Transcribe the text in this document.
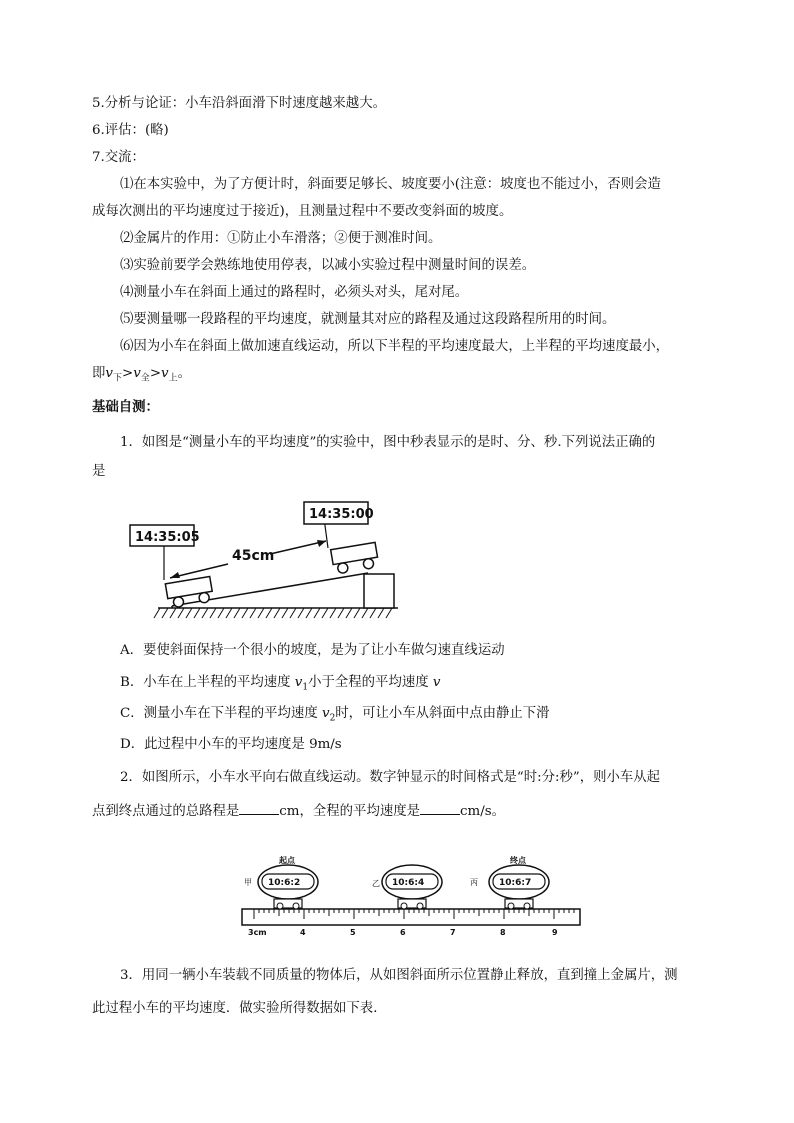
5.分析与论证：小车沿斜面滑下时速度越来越大。
6.评估：(略)
7.交流：
⑴在本实验中，为了方便计时，斜面要足够长、坡度要小(注意：坡度也不能过小，否则会造
成每次测出的平均速度过于接近)，且测量过程中不要改变斜面的坡度。
⑵金属片的作用：①防止小车滑落；②便于测准时间。
⑶实验前要学会熟练地使用停表，以减小实验过程中测量时间的误差。
⑷测量小车在斜面上通过的路程时，必须头对头，尾对尾。
⑸要测量哪一段路程的平均速度，就测量其对应的路程及通过这段路程所用的时间。
⑹因为小车在斜面上做加速直线运动，所以下半程的平均速度最大，上半程的平均速度最小，
即$v_下>v_全>v_上$。
基础自测：
1．如图是“测量小车的平均速度”的实验中，图中秒表显示的是时、分、秒.下列说法正确的
是
45cm
14:35:05
14:35:00
A．要使斜面保持一个很小的坡度，是为了让小车做匀速直线运动
B．小车在上半程的平均速度 $v_1$小于全程的平均速度 v
C．测量小车在下半程的平均速度 $v_2$时，可让小车从斜面中点由静止下滑
D．此过程中小车的平均速度是 9m/s
2．如图所示，小车水平向右做直线运动。数字钟显示的时间格式是“时:分:秒”，则小车从起
点到终点通过的总路程是	cm，全程的平均速度是	cm/s。
3cm	4	5	6	7	8	9
起点	终点
10:6:2
甲	10:6:4
乙	10:6:7
丙
3．用同一辆小车装载不同质量的物体后，从如图斜面所示位置静止释放，直到撞上金属片，测
此过程小车的平均速度．做实验所得数据如下表．
